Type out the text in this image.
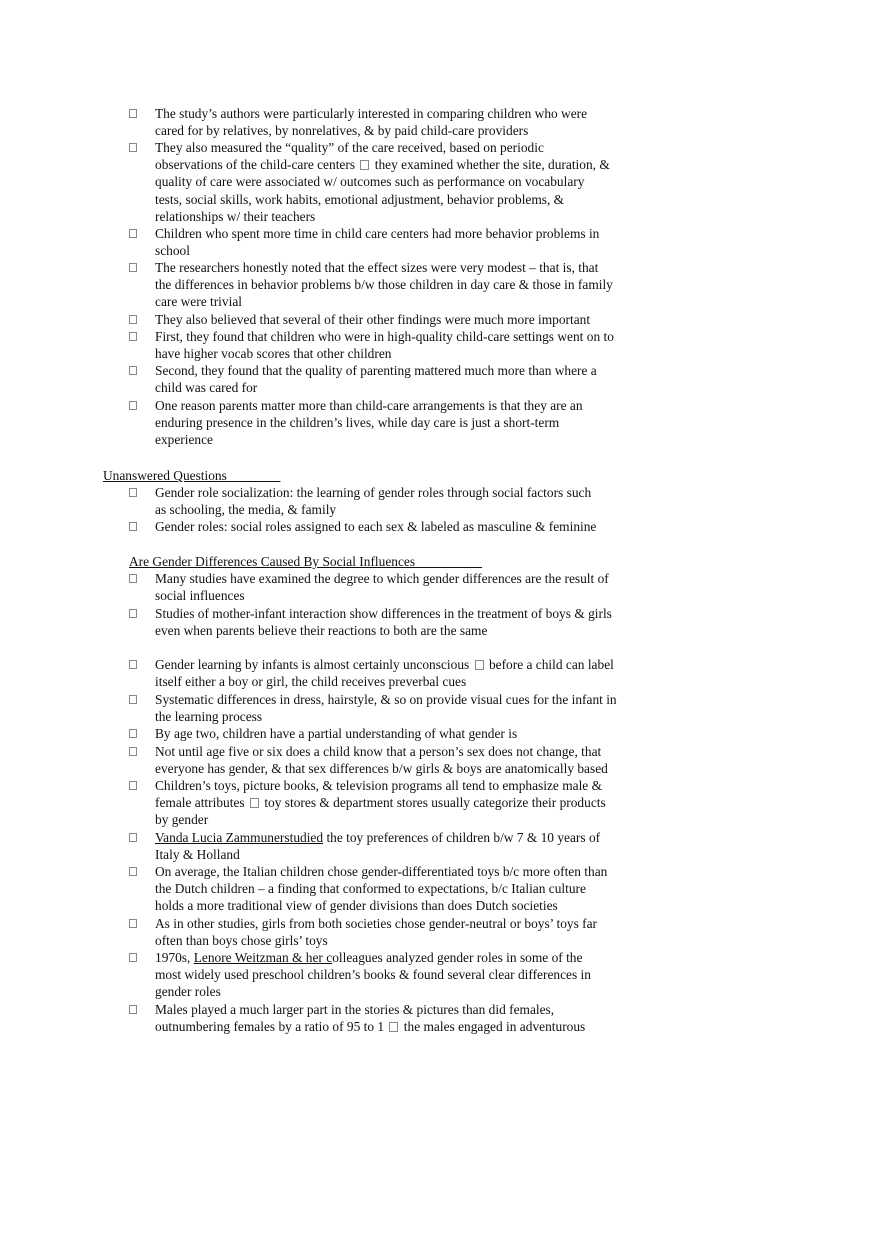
The study’s authors were particularly interested in comparing children who were
cared for by relatives, by nonrelatives, & by paid child-care providers
They also measured the “quality” of the care received, based on periodic
observations of the child-care centers they examined whether the site, duration, &
quality of care were associated w/ outcomes such as performance on vocabulary
tests, social skills, work habits, emotional adjustment, behavior problems, &
relationships w/ their teachers
Children who spent more time in child care centers had more behavior problems in
school
The researchers honestly noted that the effect sizes were very modest – that is, that
the differences in behavior problems b/w those children in day care & those in family
care were trivial
They also believed that several of their other findings were much more important
First, they found that children who were in high-quality child-care settings went on to
have higher vocab scores that other children
Second, they found that the quality of parenting mattered much more than where a
child was cared for
One reason parents matter more than child-care arrangements is that they are an
enduring presence in the children’s lives, while day care is just a short-term
experience
Unanswered Questions
Gender role socialization: the learning of gender roles through social factors such
as schooling, the media, & family
Gender roles: social roles assigned to each sex & labeled as masculine & feminine
Are Gender Differences Caused By Social Influences
Many studies have examined the degree to which gender differences are the result of
social influences
Studies of mother-infant interaction show differences in the treatment of boys & girls
even when parents believe their reactions to both are the same
Gender learning by infants is almost certainly unconscious before a child can label
itself either a boy or girl, the child receives preverbal cues
Systematic differences in dress, hairstyle, & so on provide visual cues for the infant in
the learning process
By age two, children have a partial understanding of what gender is
Not until age five or six does a child know that a person’s sex does not change, that
everyone has gender, & that sex differences b/w girls & boys are anatomically based
Children’s toys, picture books, & television programs all tend to emphasize male &
female attributes toy stores & department stores usually categorize their products
by gender
Vanda Lucia Zammunerstudied the toy preferences of children b/w 7 & 10 years of
Italy & Holland
On average, the Italian children chose gender-differentiated toys b/c more often than
the Dutch children – a finding that conformed to expectations, b/c Italian culture
holds a more traditional view of gender divisions than does Dutch societies
As in other studies, girls from both societies chose gender-neutral or boys’ toys far
often than boys chose girls’ toys
1970s, Lenore Weitzman & her colleagues analyzed gender roles in some of the
most widely used preschool children’s books & found several clear differences in
gender roles
Males played a much larger part in the stories & pictures than did females,
outnumbering females by a ratio of 95 to 1 the males engaged in adventurous
